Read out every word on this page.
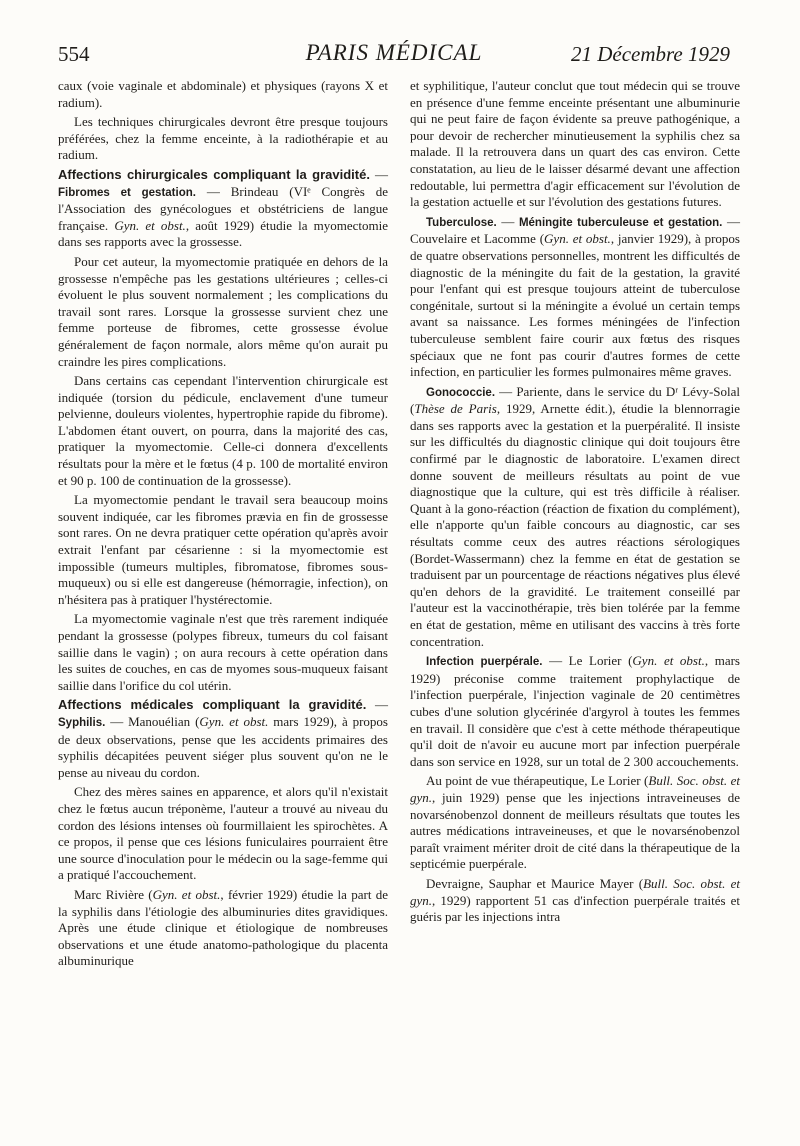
554	PARIS MÉDICAL	21 Décembre 1929

caux (voie vaginale et abdominale) et physiques (rayons X et radium).

Les techniques chirurgicales devront être presque toujours préférées, chez la femme enceinte, à la radiothérapie et au radium.

Affections chirurgicales compliquant la gravidité. — Fibromes et gestation. — Brindeau (VIᵉ Congrès de l'Association des gynécologues et obstétriciens de langue française. Gyn. et obst., août 1929) étudie la myomectomie dans ses rapports avec la grossesse.

Pour cet auteur, la myomectomie pratiquée en dehors de la grossesse n'empêche pas les gestations ultérieures ; celles-ci évoluent le plus souvent normalement ; les complications du travail sont rares. Lorsque la grossesse survient chez une femme porteuse de fibromes, cette grossesse évolue généralement de façon normale, alors même qu'on aurait pu craindre les pires complications.

Dans certains cas cependant l'intervention chirurgicale est indiquée (torsion du pédicule, enclavement d'une tumeur pelvienne, douleurs violentes, hypertrophie rapide du fibrome). L'abdomen étant ouvert, on pourra, dans la majorité des cas, pratiquer la myomectomie. Celle-ci donnera d'excellents résultats pour la mère et le fœtus (4 p. 100 de mortalité environ et 90 p. 100 de continuation de la grossesse).

La myomectomie pendant le travail sera beaucoup moins souvent indiquée, car les fibromes prævia en fin de grossesse sont rares. On ne devra pratiquer cette opération qu'après avoir extrait l'enfant par césarienne : si la myomectomie est impossible (tumeurs multiples, fibromatose, fibromes sous-muqueux) ou si elle est dangereuse (hémorragie, infection), on n'hésitera pas à pratiquer l'hystérectomie.

La myomectomie vaginale n'est que très rarement indiquée pendant la grossesse (polypes fibreux, tumeurs du col faisant saillie dans le vagin) ; on aura recours à cette opération dans les suites de couches, en cas de myomes sous-muqueux faisant saillie dans l'orifice du col utérin.

Affections médicales compliquant la gravidité. — Syphilis. — Manouélian (Gyn. et obst. mars 1929), à propos de deux observations, pense que les accidents primaires des syphilis décapitées peuvent siéger plus souvent qu'on ne le pense au niveau du cordon.

Chez des mères saines en apparence, et alors qu'il n'existait chez le fœtus aucun tréponème, l'auteur a trouvé au niveau du cordon des lésions intenses où fourmillaient les spirochètes. A ce propos, il pense que ces lésions funiculaires pourraient être une source d'inoculation pour le médecin ou la sage-femme qui a pratiqué l'accouchement.

Marc Rivière (Gyn. et obst., février 1929) étudie la part de la syphilis dans l'étiologie des albuminuries dites gravidiques. Après une étude clinique et étiologique de nombreuses observations et une étude anatomo-pathologique du placenta albuminurique

et syphilitique, l'auteur conclut que tout médecin qui se trouve en présence d'une femme enceinte présentant une albuminurie qui ne peut faire de façon évidente sa preuve pathogénique, a pour devoir de rechercher minutieusement la syphilis chez sa malade. Il la retrouvera dans un quart des cas environ. Cette constatation, au lieu de le laisser désarmé devant une affection redoutable, lui permettra d'agir efficacement sur l'évolution de la gestation actuelle et sur l'évolution des gestations futures.

Tuberculose. — Méningite tuberculeuse et gestation. — Couvelaire et Lacomme (Gyn. et obst., janvier 1929), à propos de quatre observations personnelles, montrent les difficultés de diagnostic de la méningite du fait de la gestation, la gravité pour l'enfant qui est presque toujours atteint de tuberculose congénitale, surtout si la méningite a évolué un certain temps avant sa naissance. Les formes méningées de l'infection tuberculeuse semblent faire courir aux fœtus des risques spéciaux que ne font pas courir d'autres formes de cette infection, en particulier les formes pulmonaires même graves.

Gonococcie. — Pariente, dans le service du Dʳ Lévy-Solal (Thèse de Paris, 1929, Arnette édit.), étudie la blennorragie dans ses rapports avec la gestation et la puerpéralité. Il insiste sur les difficultés du diagnostic clinique qui doit toujours être confirmé par le diagnostic de laboratoire. L'examen direct donne souvent de meilleurs résultats au point de vue diagnostique que la culture, qui est très difficile à réaliser. Quant à la gono-réaction (réaction de fixation du complément), elle n'apporte qu'un faible concours au diagnostic, car ses résultats comme ceux des autres réactions sérologiques (Bordet-Wassermann) chez la femme en état de gestation se traduisent par un pourcentage de réactions négatives plus élevé qu'en dehors de la gravidité. Le traitement conseillé par l'auteur est la vaccinothérapie, très bien tolérée par la femme en état de gestation, même en utilisant des vaccins à très forte concentration.

Infection puerpérale. — Le Lorier (Gyn. et obst., mars 1929) préconise comme traitement prophylactique de l'infection puerpérale, l'injection vaginale de 20 centimètres cubes d'une solution glycérinée d'argyrol à toutes les femmes en travail. Il considère que c'est à cette méthode thérapeutique qu'il doit de n'avoir eu aucune mort par infection puerpérale dans son service en 1928, sur un total de 2 300 accouchements.

Au point de vue thérapeutique, Le Lorier (Bull. Soc. obst. et gyn., juin 1929) pense que les injections intraveineuses de novarsénobenzol donnent de meilleurs résultats que toutes les autres médications intraveineuses, et que le novarsénobenzol paraît vraiment mériter droit de cité dans la thérapeutique de la septicémie puerpérale.

Devraigne, Sauphar et Maurice Mayer (Bull. Soc. obst. et gyn., 1929) rapportent 51 cas d'infection puerpérale traités et guéris par les injections intra
